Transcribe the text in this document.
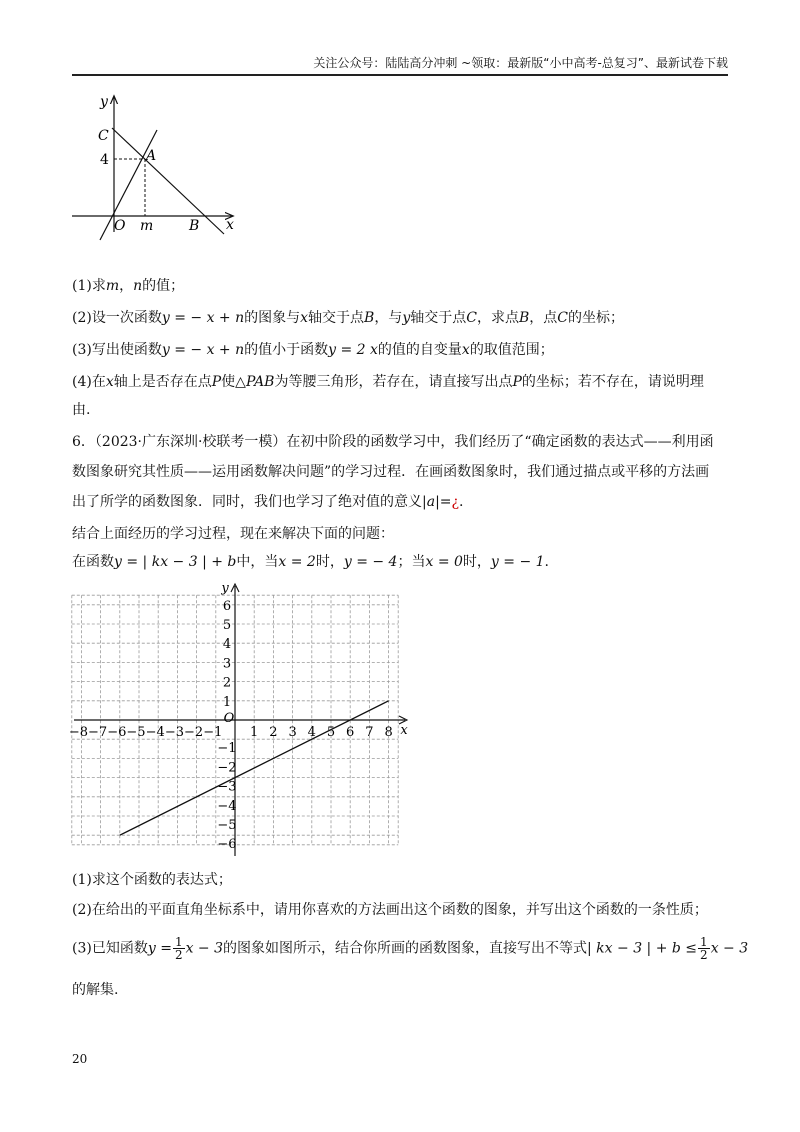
关注公众号：陆陆高分冲刺 ~领取：最新版“小中高考-总复习”、最新试卷下载
y
C
4	A
O m	B x
(1)求m，n的值；
(2)设一次函数y = − x + n的图象与x轴交于点B，与y轴交于点C，求点B，点C的坐标；
(3)写出使函数y = − x + n的值小于函数y = 2 x的值的自变量x的取值范围；
(4)在x轴上是否存在点P使△PAB为等腰三角形，若存在，请直接写出点P的坐标；若不存在，请说明理
由.
6．（2023·广东深圳·校联考一模）在初中阶段的函数学习中，我们经历了“确定函数的表达式——利用函
数图象研究其性质——运用函数解决问题”的学习过程．在画函数图象时，我们通过描点或平移的方法画
出了所学的函数图象．同时，我们也学习了绝对值的意义|a|=¿.
结合上面经历的学习过程，现在来解决下面的问题：
在函数y = | kx − 3 | + b中，当x = 2时，y = − 4；当x = 0时，y = − 1.
−8 −7 −6 −5 −4 −3 −2 −1 1 2 3 4 5 6 7 8
6
5
4
3
2
1
−1
−2
−3
−4
−5
−6
O
x
y
(1)求这个函数的表达式；
(2)在给出的平面直角坐标系中，请用你喜欢的方法画出这个函数的图象，并写出这个函数的一条性质；
(3)已知函数$y = \frac{1}{2}$ x − 3的图象如图所示，结合你所画的函数图象，直接写出不等式| kx − 3 | + $b \le \frac{1}{2}$ x − 3
的解集.
20
